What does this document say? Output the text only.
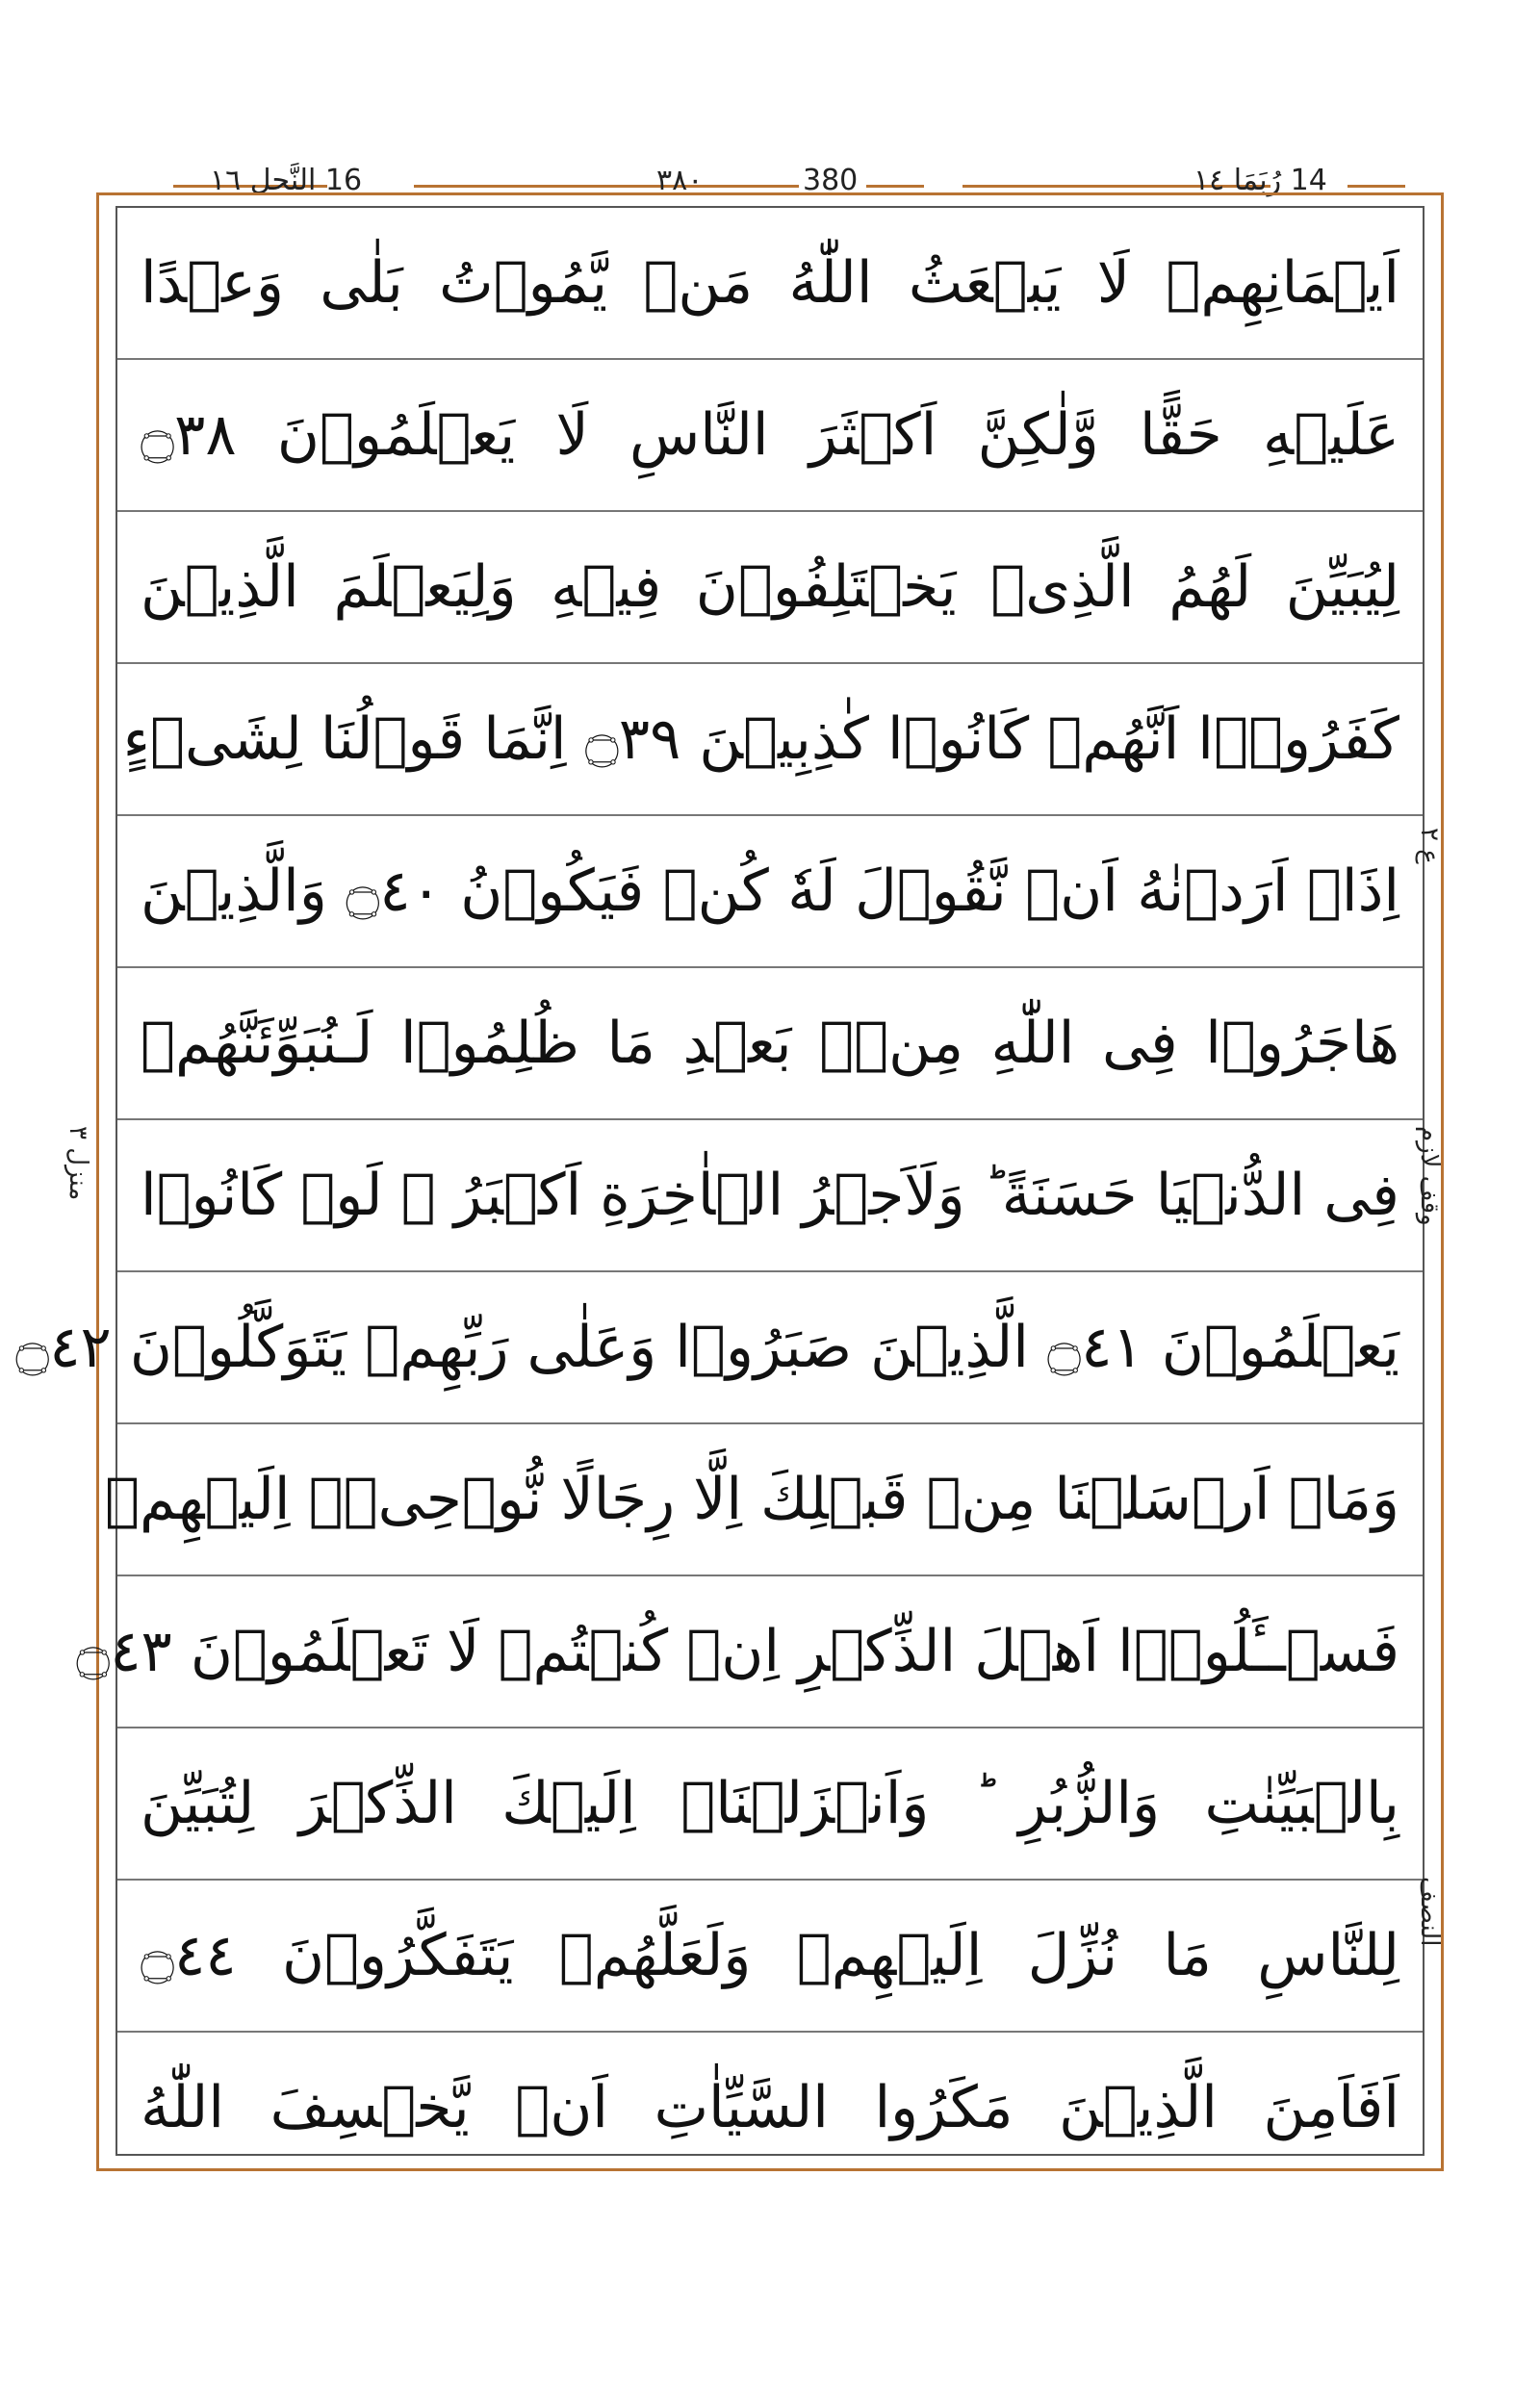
16 النَّحل ١٦	٣٨٠	380	14 رُبَمَا ١٤
اَيۡمَانِهِمۡ لَا يَبۡعَثُ اللّٰهُ مَنۡ يَّمُوۡتُ بَلٰى وَعۡدًا
عَلَيۡهِ حَقًّا وَّلٰكِنَّ اَكۡثَرَ النَّاسِ لَا يَعۡلَمُوۡنَ ۝٣٨
لِيُبَيِّنَ لَهُمُ الَّذِىۡ يَخۡتَلِفُوۡنَ فِيۡهِ وَلِيَعۡلَمَ الَّذِيۡنَ
كَفَرُوۡۤا اَنَّهُمۡ كَانُوۡا كٰذِبِيۡنَ ۝٣٩ اِنَّمَا قَوۡلُنَا لِشَىۡءٍ
اِذَاۤ اَرَدۡنٰهُ اَنۡ نَّقُوۡلَ لَهٗ كُنۡ فَيَكُوۡنُ ۝٤٠ وَالَّذِيۡنَ
هَاجَرُوۡا فِى اللّٰهِ مِنۡۢ بَعۡدِ مَا ظُلِمُوۡا لَـنُبَوِّئَنَّهُمۡ
فِى الدُّنۡيَا حَسَنَةً ؕ وَلَاَجۡرُ الۡاٰخِرَةِ اَكۡبَرُ ۘ لَوۡ كَانُوۡا
يَعۡلَمُوۡنَ ۝٤١ الَّذِيۡنَ صَبَرُوۡا وَعَلٰى رَبِّهِمۡ يَتَوَكَّلُوۡنَ ۝٤٢
وَمَاۤ اَرۡسَلۡنَا مِنۡ قَبۡلِكَ اِلَّا رِجَالًا نُّوۡحِىۡۤ اِلَيۡهِمۡ
فَسۡــَٔلُوۡۤا اَهۡلَ الذِّكۡرِ اِنۡ كُنۡتُمۡ لَا تَعۡلَمُوۡنَ ۝٤٣
بِالۡبَيِّنٰتِ وَالزُّبُرِ ؕ وَاَنۡزَلۡنَاۤ اِلَيۡكَ الذِّكۡرَ لِتُبَيِّنَ
لِلنَّاسِ مَا نُزِّلَ اِلَيۡهِمۡ وَلَعَلَّهُمۡ يَتَفَكَّرُوۡنَ ۝٤٤
اَفَاَمِنَ الَّذِيۡنَ مَكَرُوا السَّيِّاٰتِ اَنۡ يَّخۡسِفَ اللّٰهُ
ع ٢
وقف لازم
النصف
منزل ٣
